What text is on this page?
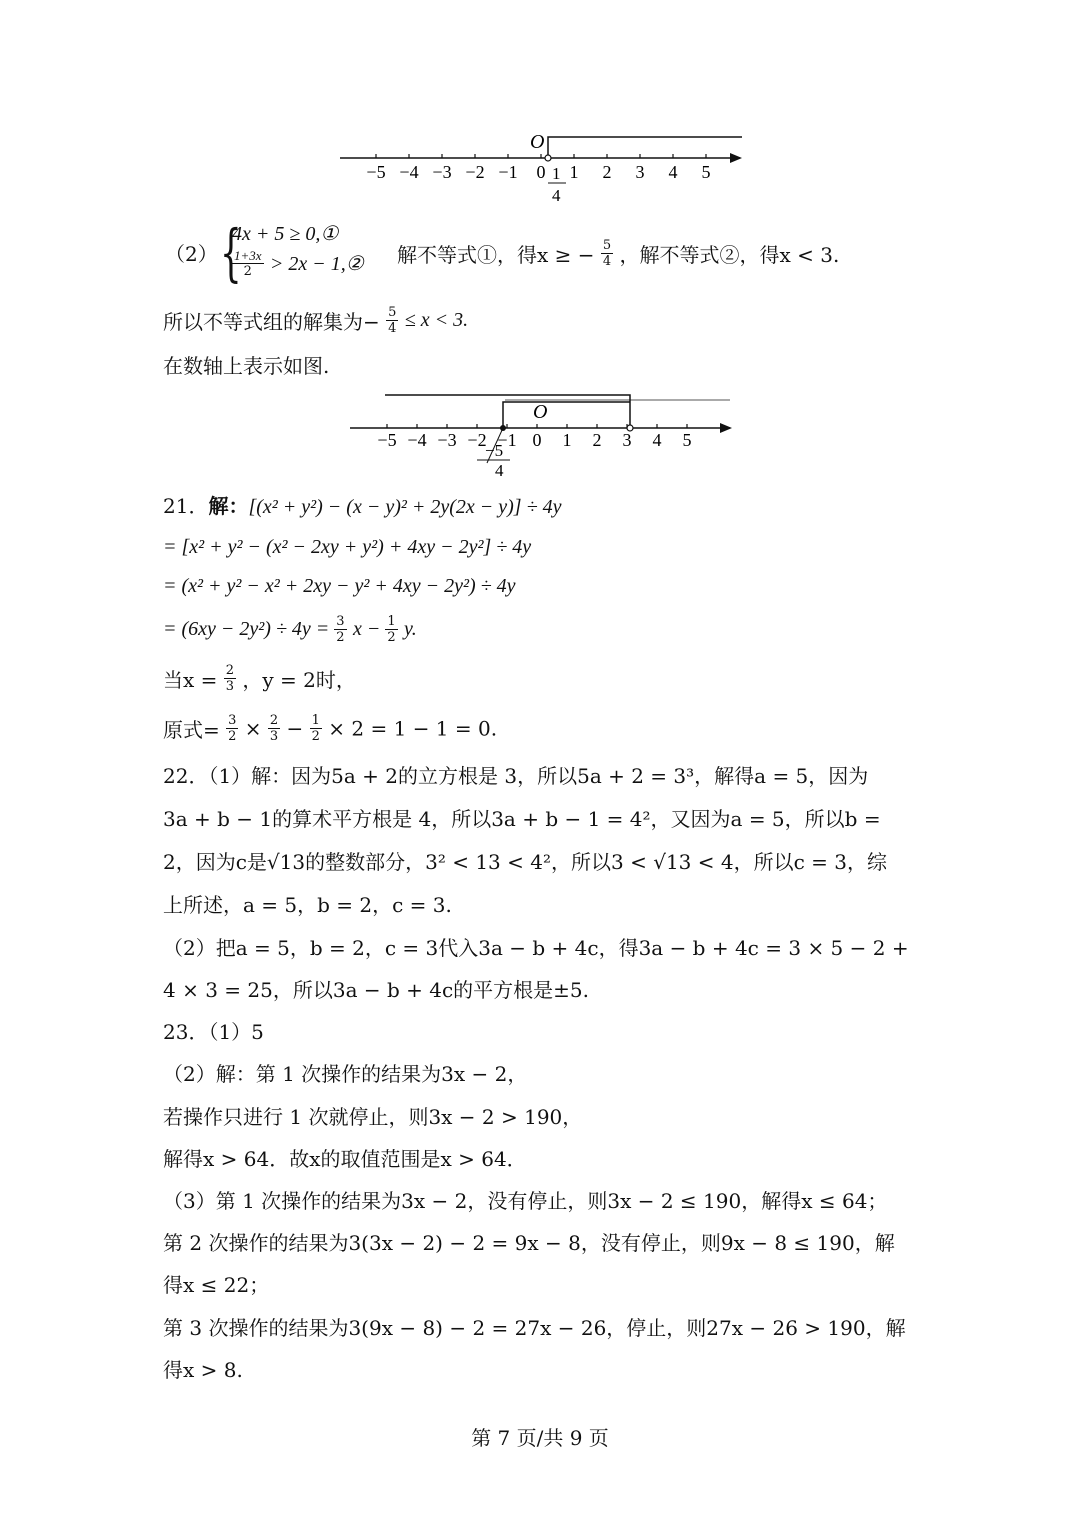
O
−5 −4 −3 −2 −1 0 1 2 3 4 5
1
4
（2） {
4x + 5 ≥ 0,①
$\frac{1+3x}{2} > 2x$ − 1,② 解不等式①，得x ≥ − $\frac{5}{4}$ ，解不等式②，得x < 3.
所以不等式组的解集为− $\frac{5}{4} \le x < 3$.
在数轴上表示如图.
O
−5 −4 −3 −2 −1 0 1 2 3 4 5
−5
4
21．解：[(x² + y²) − (x − y)² + 2y(2x − y)] ÷ 4y
= [x² + y² − (x² − 2xy + y²) + 4xy − 2y²] ÷ 4y
= (x² + y² − x² + 2xy − y² + 4xy − 2y²) ÷ 4y
= $(6xy - 2y^2) \div 4y = \frac{3}{2}$ $x - \frac{1}{2} y$.
当$x = \frac{2}{3}$ ，y = 2时，
原式= $\frac{3}{2} \times \frac{2}{3} - \frac{1}{2} \times 2 = 1 - 1 = 0$.
22．（1）解：因为5a + 2的立方根是 3，所以5a + 2 = 3³，解得a = 5，因为
3a + b − 1的算术平方根是 4，所以3a + b − 1 = 4²，又因为a = 5，所以b =
2，因为c是√13的整数部分，3² < 13 < 4²，所以3 < √13 < 4，所以c = 3，综
上所述，a = 5，b = 2，c = 3.
（2）把a = 5，b = 2，c = 3代入3a − b + 4c，得3a − b + 4c = 3 × 5 − 2 +
4 × 3 = 25，所以3a − b + 4c的平方根是±5.
23．（1）5
（2）解：第 1 次操作的结果为3x − 2，
若操作只进行 1 次就停止，则3x − 2 > 190，
解得x > 64．故x的取值范围是x > 64．
（3）第 1 次操作的结果为3x − 2，没有停止，则3x − 2 ≤ 190，解得x ≤ 64；
第 2 次操作的结果为3(3x − 2) − 2 = 9x − 8，没有停止，则9x − 8 ≤ 190，解
得x ≤ 22；
第 3 次操作的结果为3(9x − 8) − 2 = 27x − 26，停止，则27x − 26 > 190，解
得x > 8.
第 7 页/共 9 页
